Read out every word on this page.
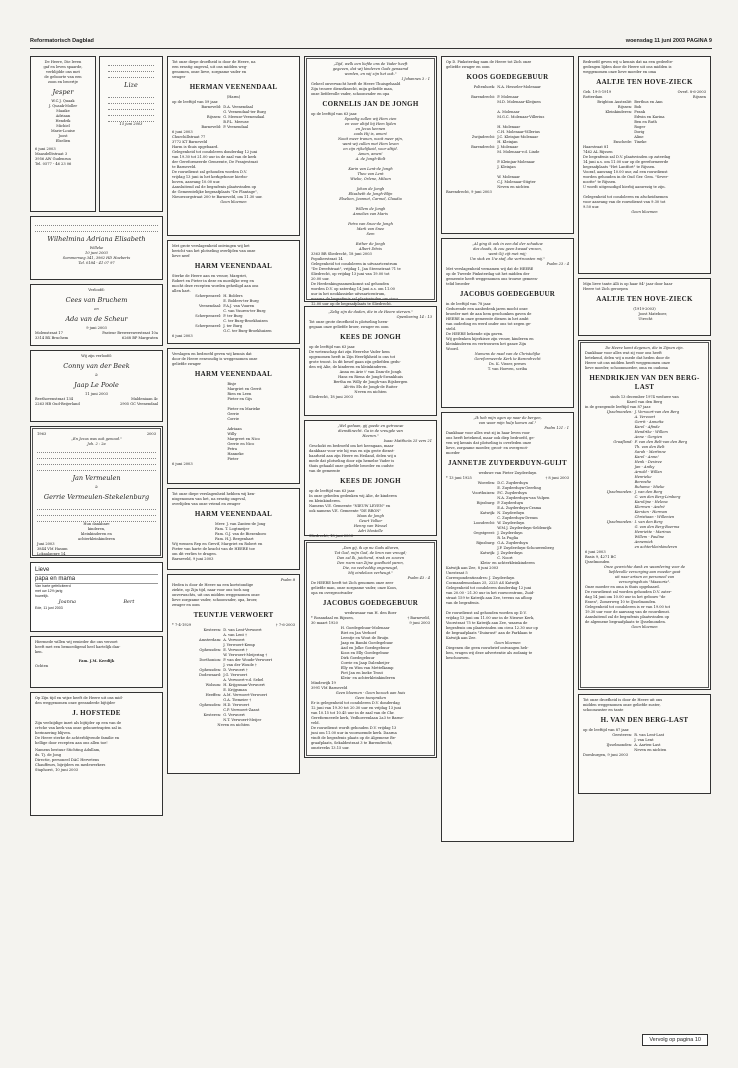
Reformatorisch Dagblad	woensdag 11 juni 2003 PAGINA 9
De Heere, Die leven
gaf en leven spaarde,
verblijdde ons met
de geboorte van een
zoon en broertje
Jesper
W.C.J. Quaak
J. Quaak-Moller
Maaike
Adriaan
Hendrik
Michiel
Marie-Louise
Joost
Elselien
6 juni 2003
Maasdelltstraat 3
3956 AW Gudenrun
Tel. 0577 - 46 23 06
Lize
15 juni 2003
Wilhelmina Adriana Elisabeth
Willeke
10 juni 2003
Sommerweg 341, 3962 HD Hoeberts
Tel. 0184 - 41 07 97
Verloofd:
Cees van Bruchem
en
Ada van de Scheur
9 juni 2003
Molenstraat 17
3314 BX Bruchem
Pasteur Brewerswerstraat 10a
6268 BP Margraten
Wij zijn verloofd:
Conny van der Beek
&
Jaap Le Poole
11 juni 2003
Beethovenstraat 134
2263 HB Oud-Beijerland
Maldeniaan 4c
2905 GC Veenendaal
1963	2003
„En Jezus was ook genood."
Joh. 2 : 2a
Jan Vermeulen
&
Gerrie Vermeulen-Stekelenburg
Hun dankbare
kinderen,
kleinkinderen en
achterkleinkinderen
Juni 2003
3844 VM Hasum
Lokaalappre 14
Lieve
papa en mama
Van harte gefeliciteerd
met uw 12½ jarig
huwelijk.
Joanna	Bert
Ede, 11 juni 2003
Hiermede willen wij eenieder die ons verzoet
heeft met een bemoedigend heel hartelijk dan-
ken.
Fam. J.M. Keedijk
Ochten
Op Zijn tijd en wijze heeft de Heere uit ons mid-
den weggenomen onze geeanderde bijtijder
J. HOFSTEDE
Zijn veelzijdige inzet als bijtijder op een van de
crèche van kerk van onze gebouwtrapten zal in
herinnering blijven.
De Heere sterke de achterblijvende familie en
hellige door recepten aan ons allen toe!
Namens bestuur Stichting Adullam,
ds. Tj. de Jong
Directie, personeel DAC Hervetens
Chauffeurs, bijrijders en medewerkers
Staphorst, 10 juni 2003
Tot onze diepe droefheid is door de Heere, na
een ernstig ongeval, uit ons midden weg-
genomen, onze lieve, zorgzame vader en
swager
HERMAN VEENENDAAL
(Harm)
op de leeftijd van 59 jaar.
Barneveld: D.A. Veenendaal

G. Veenendaal-ter Burg
Rijssen: G. Meeuse-Veenendaal

B.P.L. Meeuse
Barneveld: P. Veenendaal
6 juni 2003
Churchillstraat 77
3772 KT Barneveld
Harm is thuis opgebaard.
Gelegenheid tot condoleren donderdag 12 juni
van 19.30 tot 21.00 uur in de zaal van de kerk
der Gereformeerde Gemeente, De Franjestraat
te Barneveld.
De rouwdienst zal gehouden worden D.V.
vrijdag 13 juni in het kerkgebouw hierbo-
boven, aanvang 10.00 uur.
Aansluitend zal de begrafenis plaatsvinden op
de Gemeentelijke begraafplaats "De Plantage",
Nieuwzorgstraat 200 te Barneveld, om 11.30 uur.
Geen bloemen
Met grote verslagenheid ontvingen wij het
bericht van het plotseling overlijden van onze
lieve neef
HARM VEENENDAAL
Sterke de Heere aan en vrouw, Margriet,
Robert en Pieter in deze en moeilijke weg en
mocht deze recepten worden geheiligd aan ons
allen hart.
Scherpenzeel: H. Bolders

E. Bolders-ter Burg
Veenendaal: F.A.J. van Vuuren

C. van Vuuren-ter Burg
Scherpenzeel: P. ter Burg

C. ter Burg-Broekhuizen
Scherpenzeel: J. ter Burg

G.C. ter Burg-Broekhuizen
6 juni 2003
Verslagen en bedroefd geven wij kennis dat
door de Heere eenvoudig is weggenomen onze
geliefde zwager
HARM VEENENDAAL
Bisje
Margriet en Gerrit
Rien en Leen
Pieter en Gijs

Pieter en Marieke
Gerrie
Corrie

Adriaan
Willy
Margreet en Nico
Gerrie en Nico
Petra
Hanneke
Pieter
6 juni 2003
Tot onze diepe verslagenheid hebben wij ken-
nisgenomen van het, na ernstig ongeval,
overlijden van onze vriend en zwager
HARM VEENENDAAL
Mevr. J. van Zanten-de Jong
Fam. T. Logtmeijer
Fam. G.J. van de Biezenboro
Fam. H.J. Bergenhart
Wij wensen Rep en Grevif, Margriet en Robert en
Pieter van harte de kracht van de HEERE toe
om dit verlies te dragen.
Barneveld, 9 juni 2003
Psalm 8
Heden is door de Heere na een kortstondige
ziekte, op Zijn tijd, naar voor ons toch nog
onverwachts, uit ons midden weggenomen onze
lieve zorgzame vader, schoonvader, opa, broer,
zwager en oom
TEUNTJE VERWOERT
* 7-4-1929	† 7-6-2003
Kesteren: D. van Lent-Verwoert

A. van Lent †
Amsterdam: A. Verwoert

J. Verwoert-Kemp
Opheusden: E. Verwoert †

W. Verwoert-Meijering †
Dorthonion: P. van der Woude-Verwoert

J. van der Woude †
Opheusden: D. Verwoert †
Dodewaard: J.G. Verwoert

A. Verwoert-v.d. Sebel
Wolsum: H. Krijgsman-Verwoert

E. Krijgsman
Heeffen: A.M. Verwoert-Verwoert

G.A. Tiemeier †
Opheusden: H.D. Verwoert

C.P. Verwoert-Zaant
Kesteren: G. Verwoert

N.T. Verwoert-Meijer
Neven en nichten
„Zijd, welk een liefde ons de Vader heeft
gegeven, dat wij kinderen Gods genaamd
worden, en wij zijn het ook."
I Johannes 3 : 1
Geheel onverwacht heeft de Heere Thuisgehaald
Zijn trouwe dienstknecht, mijn geliefde man,
onze liefdevolle vader, schoonvader en opa
CORNELIS JAN DE JONGH
op de leeftijd van 63 jaar.
Spoedig zullen wij Hem zien
en voor altijd bij Hem lijden
en Jezus kennen
zoals Hij is, amen!
Nooit meer tranen, nooit meer pijn,
want wij zullen met Hem leven
en zijn rijkelijkeid, voor altijd.
Amen, amen!
A. de Jongh-Bolt

Karin van Lent-de Jongh
Theo van Lent
Wiebe, Orlene, Milsen

Johan de Jongh
Elisabeth de Jongh-Blijn
Elselien, Jeannet, Carmel, Claudia

Willem de Jongh
Annelies van Maris

Petra van Snee-de Jongh
Mark van Snee
Sem

Esther de Jongh
Albert Ditvis
3363 BR Sliedrecht, 18 juni 2003
Populierstraat 14
Gelegenheid tot condoleren in uitvaartcentrum
"De Dreefstraat", vrijdag 1, Jan Steenstraat 71 te
Sliedrecht, op vrijdag 13 juni van 19.00 tot
20.00 uur.
De Herdenkingssamenkomst zal gehouden
worden D.V. op zaterdag 14 juni a.s. om 11.00
uur in het neoklassieke uitvaartcentrum,
waarna de begrafenis zal plaatsvinden om circa
12.00 uur op de begraafplaats te Sliedrecht.
„Zalig zijn de doden, die in de Heere sterven."
Openbaring 14 : 13
Tot onze grote droefheid is plotseling heen-
gegaan onze geliefde broer, zwager en oom
KEES DE JONGH
op de leeftijd van 63 jaar.
De wetenschap dat zijn Heerelse Vader hem
opgenomen heeft in Zijn Heerlijkheid is ons tot
grote troost. In dit besef gaan zijn geliefden gedu-
den wij Alie, de kinderen en kleinkinderen.
Anna en Arie t' van Dam-de Jongh
Hans en Riena de Jongh-Swankhuis
Bertha en Willy de Jongh-van Rijsbergen
Alt-ëis Els de Jongh-de Ruiter
Neven en nichten
Sliedrecht, 18 juni 2003
„Wel gedaan, gij goede en getrouwe
dienstknecht. Ga in de vreugde van
Heeren."
Isaac Mattheüs 25 vers 21
Geschokt en bedroefd om het heengaan, maar
dankbaar voor wie hij was en zijn grote dienst-
baarheid aan zijn Heere en Heiland, delen wij u
mede dat plotseling door zijn hemelse Vader is
thuis gehaald onze geliefde broeder en oudste
van de gemeente
KEES DE JONGH
op de leeftijd van 63 jaar.
In onze gebeden gedenken wij Alie, de kinderen
en kleinkinderen.
Namens V.E. Gemeente "NIEUW LEVEN" en
ook namens V.E. Gemeente "DE BRON"
Maas de Jongh
Geurt Volker
Henny van Wessel
Adri Mostelle
Sliedrecht, 18 juni 2003
„Dan gij, ik op nu Gods altoren,
Tot God, mijn God, de bron van vreugd;
Dan zal Ik, juichend, rinsk en zouren
Den roem van Zijne goedheid paren,
Die, na veelvuldig ongeneugd,
Mij eindeloos verheugt."
Psalm 43 : 4
De HEERE heeft tot Zich genomen onze zeer
geliefde man, onze zorgzame vader, onze Koos,
opa en overgrootvader
JACOBUS GOEDEGEBUUR
weduwnaar van H. den Boer
* Rosandaal en Rijssen,
30 maart 1920
† Barneveld,
9 juni 2003
H. Goedegebuur-Molenaar
Riet en Jan Verhoef
Leentje en Wout de Bruijn
Jaap en Bambi Goedegebuur
Aad en Jolke Goedegebuur
Koos en Elly Goedegebuur
Dirk Goedegebuur
Corrie en Jaap Dalenbeijer
Elly en Wim van Mettelkamp
Piet Jan en Ineke Trout
Klein- en achterkleinkinderen
Mindewijk 19
3991 VM Barneveld
Geen bloemen - Geen bezoek aan huis
Geen toespraken
Er is gelegenheid tot condoleren D.V. donderdag
12 juni van 19.30 tot 20.30 uur en vrijdag 13 juni
van 10.15 tot 10.45 uur in de zaal van de Chr.
Gereformeerde kerk, Vedhoevenlaan 2a3 te Barne-
veld.
De rouwdienst wordt gehouden D.V. vrijdag 13
juni om 11.00 uur in voornoemde kerk. Daarna
vindt de begrafenis plaats op de Algemene Be-
graafplaats, Sekaldestraat 3 te Barendrecht,
omstreeks 13.15 uur.
Op D. Pinksterdag nam de Heere tot Zich onze
geliefde zwager en oom
KOOS GOEDEGEBUUR
Poltenhoek: N.A. Hesseler-Molenaar

Barendrecht: P. Molenaar

M.D. Molenaar-Kleijnen

A. Molenaar

M.G.C. Molenaar-Villerius

H. Molenaar

C.H. Molenaar-Villerius
Zwijndrecht: J.C. Kleinjan-Molenaar

H. Kleinjan
Barendrecht: J. Molenaar

M. Molenaar-v.d. Linde

P. Kleinjan-Molenaar

J. Kleinjan

W. Molenaar

C.J. Molenaar-Stigter

Neven en nichten
Barendrecht, 9 juni 2003
„Al ging ik ook in een dal der schaduw
des doods, ik zou geen kwaad vrezen,
want Gij zijt met mij;
Uw stok en Uw staf, die vertroosten mij."
Psalm 23 : 4
Met verslagenheid vernamen wij dat de HEERE
op de Tweede Pinksterdag uit het midden der
gemeente heeft weggenomen ons trouwe gemeen-
telid broeder
JACOBUS GOEDEGEBUUR
in de leeftijd van 78 jaar.
Gedurende een aanbedenk jaren mocht onze
broeder met de aan hem geschonken gaven de
HEERE in onze gemeente dienen in het ambt
van ouderling en werd onder ons tot zegen ge-
steld.
De HEERE bekende zijn gaven.
Wij gedenken hijerkieze zijn vrouw, kinderen en
kleinkinderen en vertrouwen het ganze Zijn
Woord.
Namens de raad van de Christelijke
Gereformeerde Kerk te Barendrecht
Ds. K. Visser, preses
T. van Hoeven, scriba
„Ik heb mijn ogen op naar de bergen,
van waar mijn hulp komen zal."
Psalm 121 : 1
Dankbaar voor alles wat zij in haar leven voor
ons heeft betekend, maar ook diep bedroefd, ge-
ven wij kennis dat plotseling is overleden onze
lieve, zorgzame moeder, groot- en overgroot-
moeder
JANNETJE ZUYDERDUYN-GUIJT
weduwe van Pieter Zuyderduyn
* 13 juni 1925	† 8 juni 2003
Woerden: D.C. Zuyderduyn

E. Zuyderduyn-Geerling
Voorthuizen: P.C. Zuyderduyn

N.A. Zuyderduyn-van Vulpen
Rijssburg: P. Zuyderduyn

E.A. Zuyderduyn-Crama
Katwijk: N. Zuyderduyn

C. Zuyderduyn-Dreum
Loosdrecht: W. Zuyderduyn

W.M.J. Zuyderduyn-Seldenrijk
Oegstgeest: J. Zuyderduyn

R. la Fuglia
Rijnsburg: G.A. Zuyderduyn

J.P. Zuyderduyn-Schouwenberg
Katwijk: J. Zuyderduyn

C. Noort
Klein- en achterkleinkinderen
Katwijk aan Zee, 8 juni 2003
Unestraat 5
Correspondentieadres: J. Zuyderduyn
Cocmandemoolaan 25, 2225 AS Katwijk
Gelegenheid tot condoleren donderdag 12 juni
van 20.00 - 21.30 uur in het rouwcentrum, Zuid-
straat 159 te Katwijk aan Zee, tevens na afloop
van de begrafenis.

De rouwdienst zal gehouden worden op D.V.
vrijdag 13 juni om 11.00 uur in de Nieuwe Kerk,
Voorstraat 75 te Katwijk aan Zee, waarna de
begrafenis om plaatsvinden om circa 12.30 uur op
de begraafplaats "Duinrust" aan de Parklaan te
Katwijk aan Zee.
Geen bloemen
Diegenen die geen rouwbrief ontvangen heb-
ben, vragen wij deze advertentie als zodanig te
beschouwen.
Bedroefd geven wij u kennis dat na een gedeelte-
gedragen lijden door de Heere uit ons midden is
weggenomen onze lieve moeder en oma
AALTJE TEN HOVE-ZIECK
Geb. 19-5-1919
Rotterdam
Overl. 8-6-2003
Rijssen
Brighton Australië: Berthus en Ann
Rijssen: Bob
Kleinkinderen: Frank

Edwin en Karina

Ben en Ruth

Roger

Dorig

Aline
Enschede: Tineke
Haarstraat 81
7462 AL Rijssen
De begrafenis zal D.V. plaatsvinden op zaterdag
14 juni a.s. om 11.00 uur op de gereformeerde
begraafplaats "Het Lantfort" te Rijssen.
Vooraf, aanvang 10.00 uur, zal een rouwdienst
worden gehouden in de Oud Ger. Gem. "Sever-
nootte" te Rijssen.
U wordt uitgenodigd hierbij aanwezig te zijn.

Gelegenheid tot condoleren en afscheidnemen
voor aanvang van de rouwdienst van 9.30 tot
9.50 uur.
Geen bloemen
Mijn lieve tante Alli is op haar 84ᵉ jaar door haar
Heere tot Zich geroepen
AALTJE TEN HOVE-ZIECK
(1919-2003)
Joost Mateboer,
Utrecht
De Heere komt degenen, die in Zijnen zijn.
Dankbaar voor alles wat zij voor ons heeft
betekend, delen wij u mede dat heden door de
Heere uit ons midden heeft weggenomen onze
lieve moeder, schoonmoeder, oma en oudoma
HENDRIKJEN VAN DEN BERG-LAST
sinds 13 december 1974 weduwe van
Karel van den Berg
in de gezegende leeftijd van 87 jaar.
IJsselmonden: J. Vervoort-van den Berg

A. Vervoort

Gerrit - Annetta

Karel - Afinde

Hendrike - Willem

Anne - Gergien
Graafland: F. van den Belt-van den Berg

Th. van den Belt

Sarah - Martinne

Karel - Anne!

Henk - Desiree

Jan - Aniky

Arnold - Willan

Henrieke

Berendie

Ruhama - Mieke
IJsselmonden: J. van den Berg

C. van den Berg-Limberg

Karolijne - Helena

Klermen - André

Kersten - Herman

Christiaan - Willenien
IJsselmonden: I. van den Berg

G. van den Berg-Boerma

Henriette - Marinus

Willem - Pauline

Annemiek

en achterkleinkinderen
6 juni 2003
Basis 9, 4271 BC
IJsselmonden
Onze gewrichte dank en waardering voor de
liefdevolle verzorging aan moeder gaat
uit naar artsen en personeel van
verzorgingshuis "Maasoria".
Onze moeder en oma is thuis opgebaard.
De rouwdienst zal worden gehouden D.V. zater-
dag 14 juni om 10.00 uur in het gebouw "de
Essen", Zomerweg 10 te IJsselmonden.
Gelegenheid tot condoleren is er van 19.00 tot
19.30 uur voor de aanvang van de rouwdienst.
Aansluitend zal de begrafenis plaatsvinden op
de algemene begraafplaats te IJsselmonden.
Geen bloemen
Tot onze droefheid is door de Heere uit ons
midden weggenomen onze geliefde zuster,
schoonzuster en tante
H. VAN DEN BERG-LAST
op de leeftijd van 87 jaar.
Geesteren: R. van Lent-Last

J. van Lent
IJsselmonden: A. Aarten-Last

Neven en nichten
Doesburgen, 9 juni 2003
Vervolg op pagina 10
